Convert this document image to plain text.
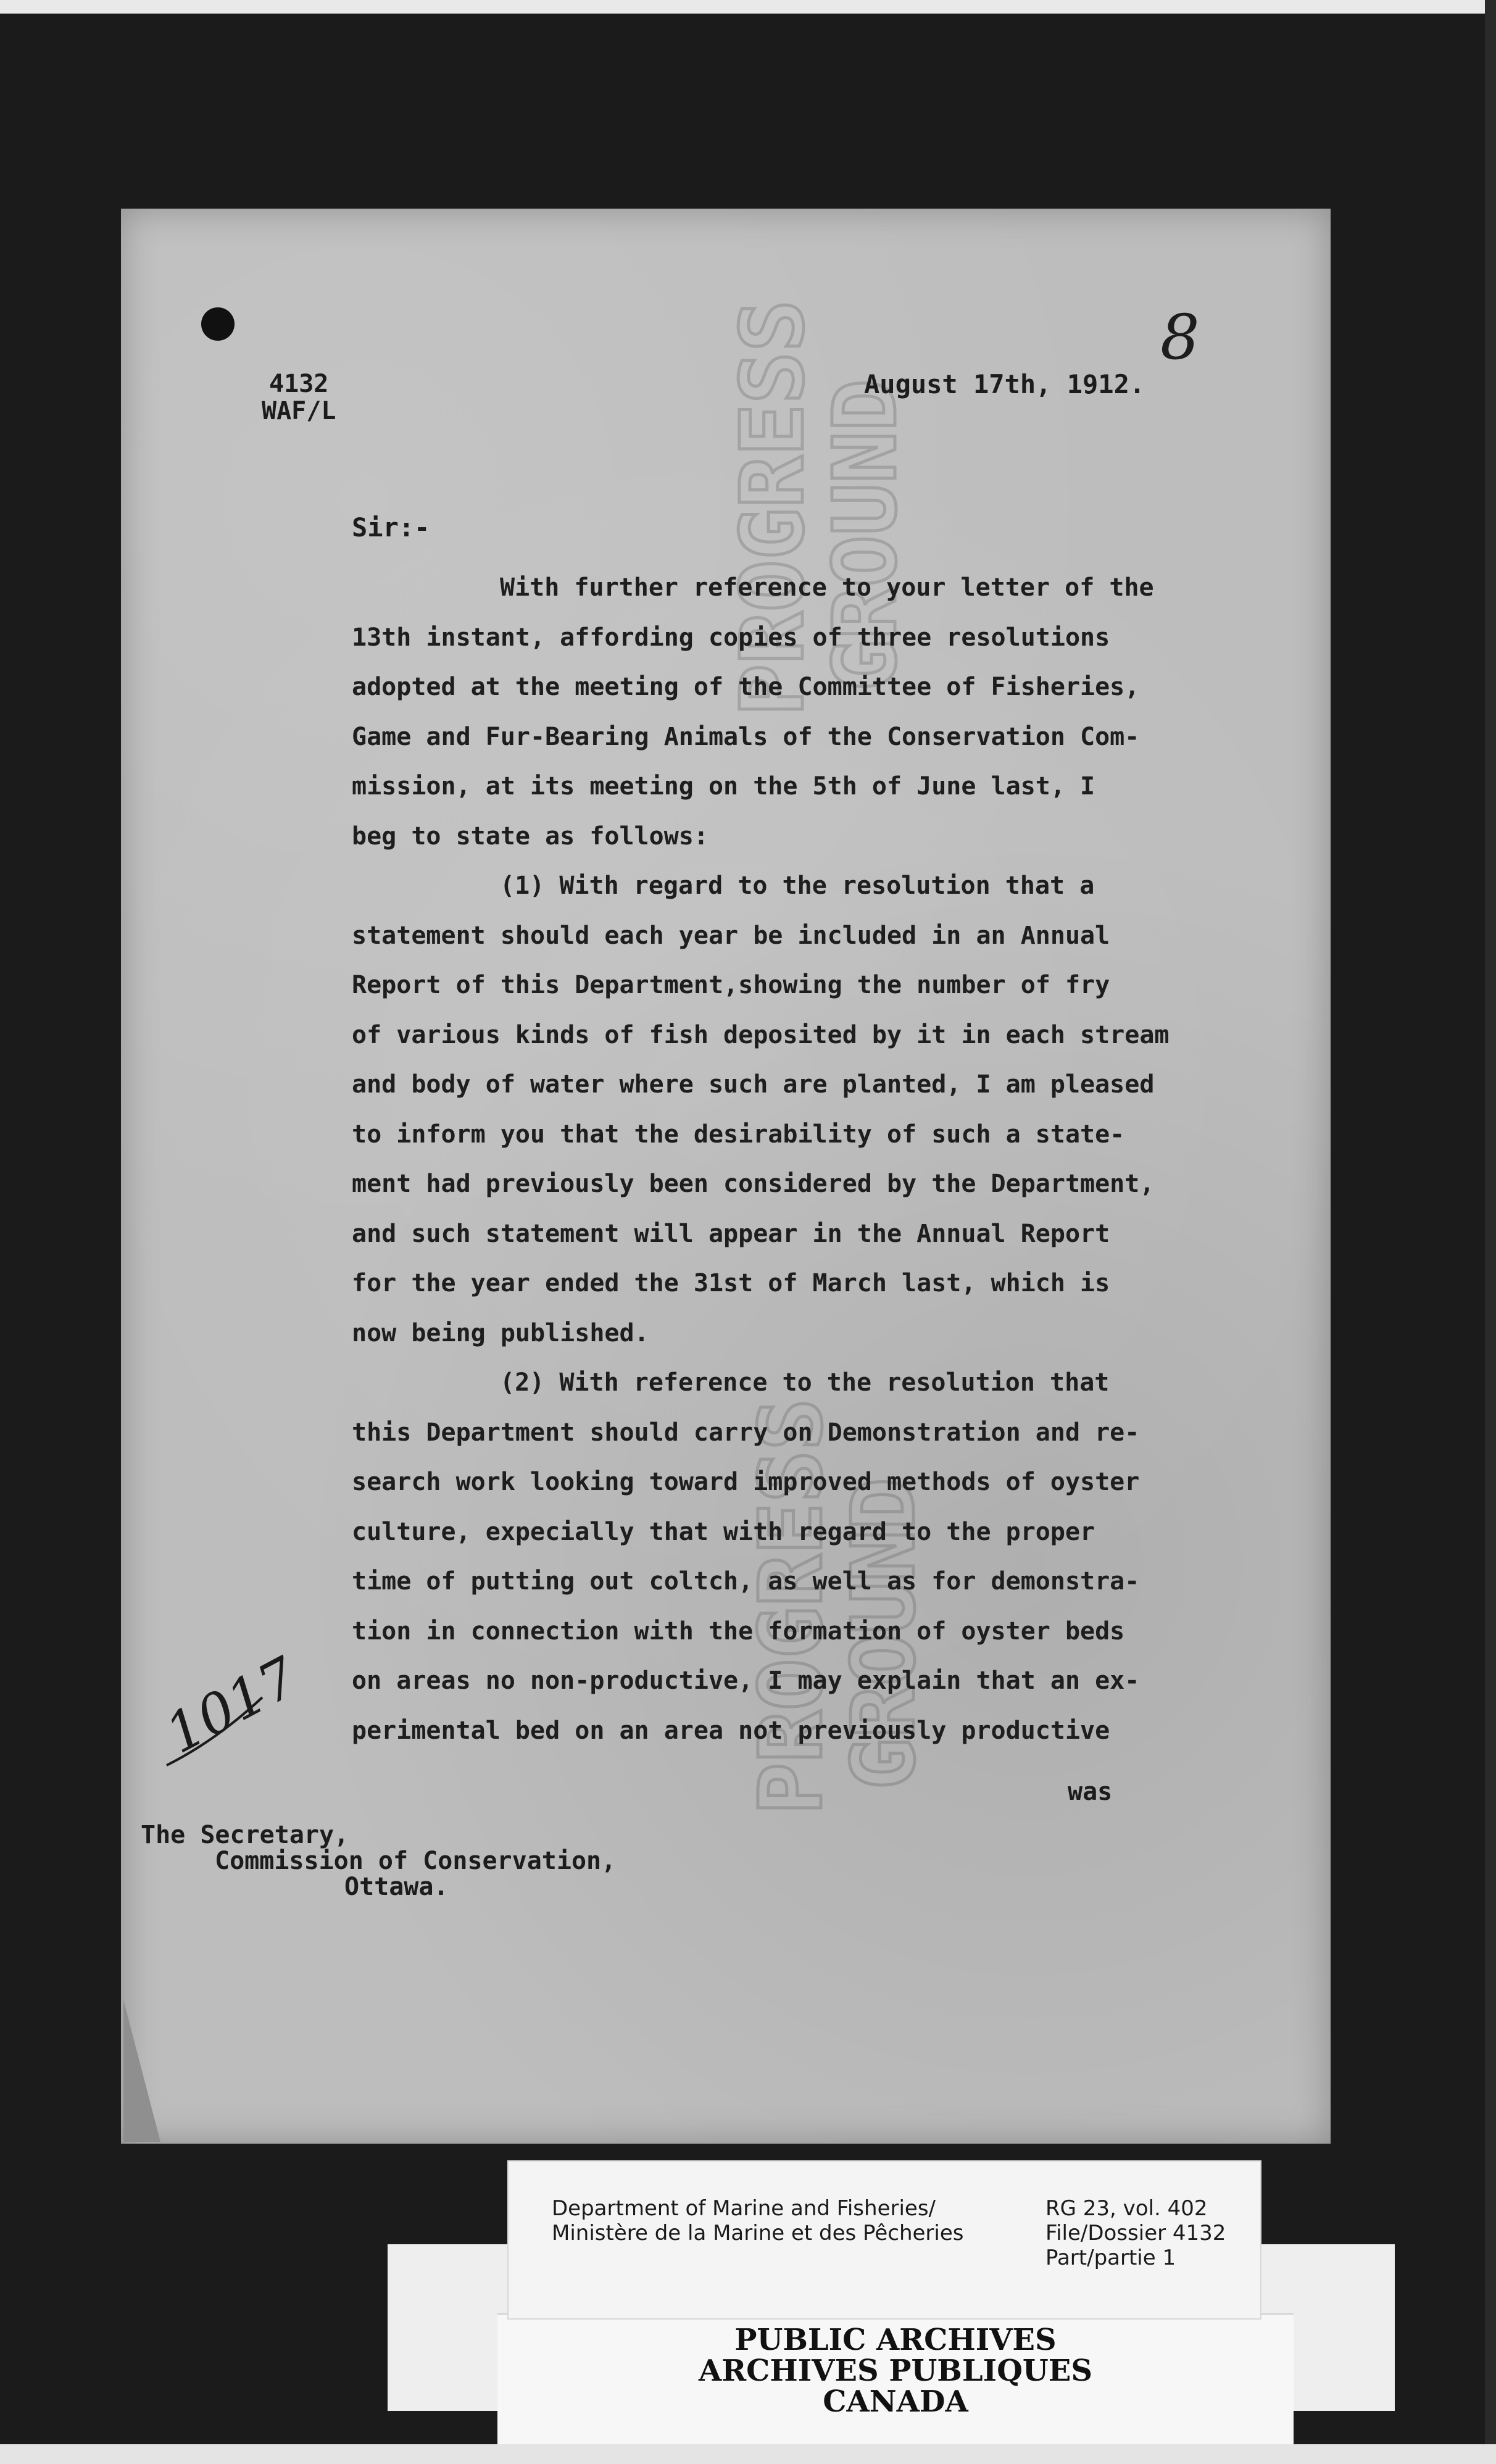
8
PROGRESS
GROUND
PROGRESS
GROUND
4132
WAF/L
August 17th, 1912.
Sir:-
With further reference to your letter of the
13th instant, affording copies of three resolutions
adopted at the meeting of the Committee of Fisheries,
Game and Fur-Bearing Animals of the Conservation Com-
mission, at its meeting on the 5th of June last, I
beg to state as follows:
(1) With regard to the resolution that a
statement should each year be included in an Annual
Report of this Department,showing the number of fry
of various kinds of fish deposited by it in each stream
and body of water where such are planted, I am pleased
to inform you that the desirability of such a state-
ment had previously been considered by the Department,
and such statement will appear in the Annual Report
for the year ended the 31st of March last, which is
now being published.
(2) With reference to the resolution that
this Department should carry on Demonstration and re-
search work looking toward improved methods of oyster
culture, expecially that with regard to the proper
time of putting out coltch, as well as for demonstra-
tion in connection with the formation of oyster beds
on areas no non-productive, I may explain that an ex-
perimental bed on an area not previously productive
was
1017
The Secretary,
Commission of Conservation,
Ottawa.
Department of Marine and Fisheries/
Ministère de la Marine et des Pêcheries
RG 23, vol. 402
File/Dossier 4132
Part/partie 1
PUBLIC ARCHIVES
ARCHIVES PUBLIQUES
CANADA
